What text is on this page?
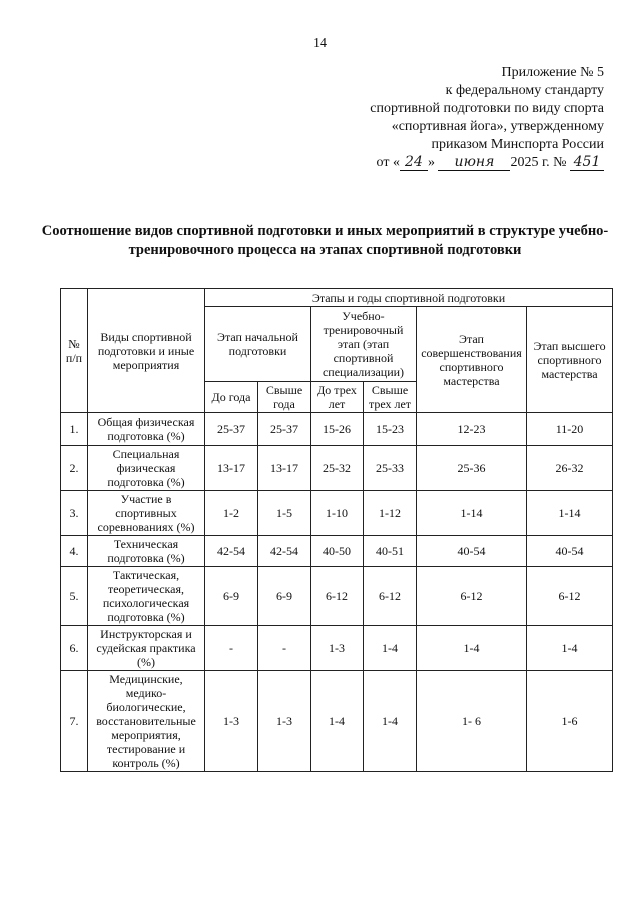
14
Приложение № 5
к федеральному стандарту
спортивной подготовки по виду спорта
«спортивная йога», утвержденному
приказом Минспорта России
от « 24 » июня 2025 г. № 451
Соотношение видов спортивной подготовки и иных мероприятий в структуре учебно-тренировочного процесса на этапах спортивной подготовки
№ п/п	Виды спортивной подготовки и иные мероприятия	Этапы и годы спортивной подготовки					
		Этап начальной подготовки		Учебно-тренировочный этап (этап спортивной специализации)		Этап совершенствования спортивного мастерства	Этап высшего спортивного мастерства
		До года	Свыше года	До трех лет	Свыше трех лет		
1.	Общая физическая подготовка (%)	25-37	25-37	15-26	15-23	12-23	11-20
2.	Специальная физическая подготовка (%)	13-17	13-17	25-32	25-33	25-36	26-32
3.	Участие в спортивных соревнованиях (%)	1-2	1-5	1-10	1-12	1-14	1-14
4.	Техническая подготовка (%)	42-54	42-54	40-50	40-51	40-54	40-54
5.	Тактическая, теоретическая, психологическая подготовка (%)	6-9	6-9	6-12	6-12	6-12	6-12
6.	Инструкторская и судейская практика (%)	-	-	1-3	1-4	1-4	1-4
7.	Медицинские, медико-биологические, восстановительные мероприятия, тестирование и контроль (%)	1-3	1-3	1-4	1-4	1- 6	1-6
